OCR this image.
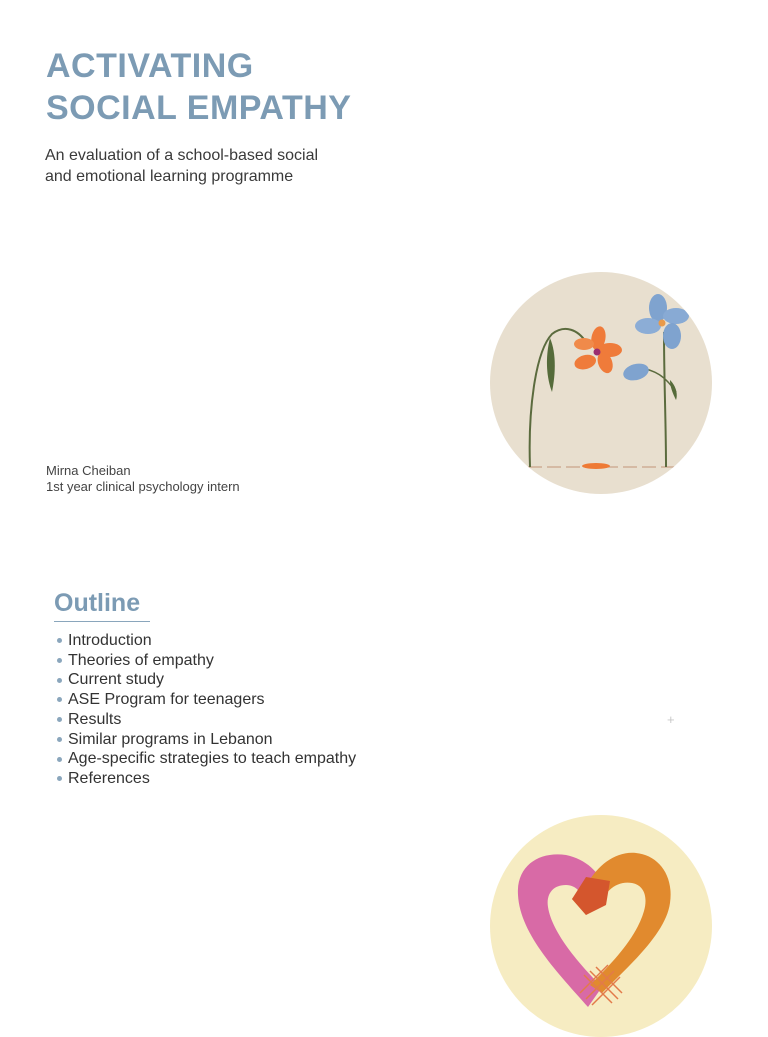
ACTIVATING
SOCIAL EMPATHY

An evaluation of a school-based social

and emotional learning programme

Mirna Cheiban
1st year clinical psychology intern
Outline
Introduction
Theories of empathy
Current study
ASE Program for teenagers
Results
Similar programs in Lebanon
Age-specific strategies to teach empathy
References
+
